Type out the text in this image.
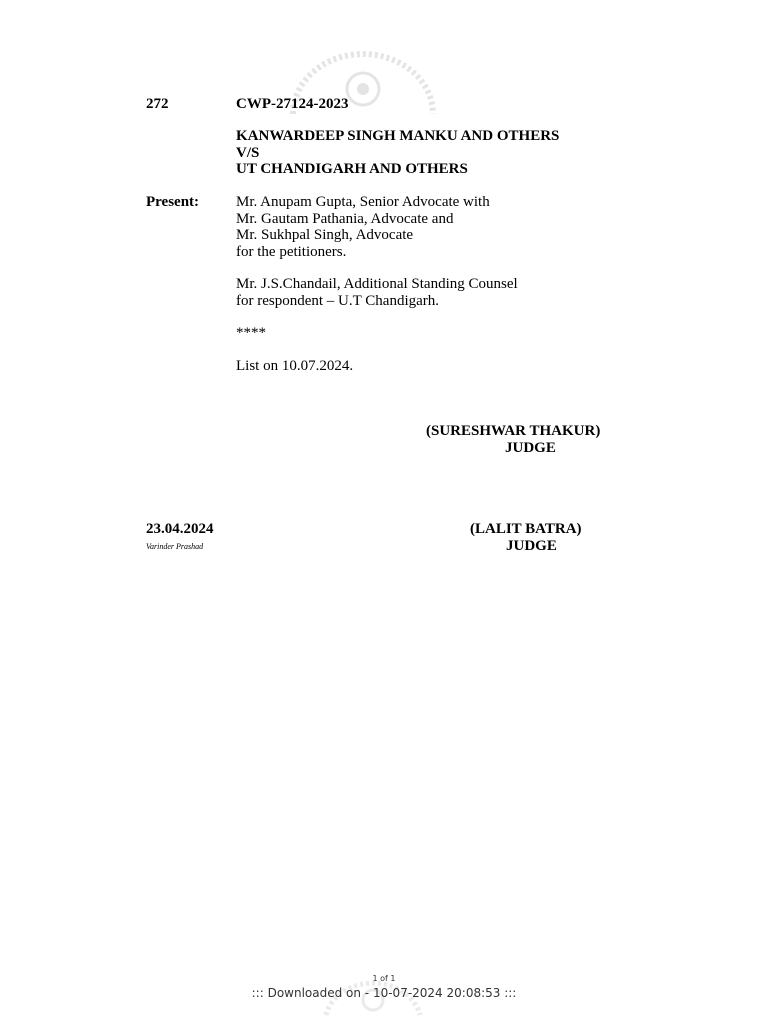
272	CWP-27124-2023
KANWARDEEP SINGH MANKU AND OTHERS
V/S
UT CHANDIGARH AND OTHERS
Present: Mr. Anupam Gupta, Senior Advocate with
Mr. Gautam Pathania, Advocate and
Mr. Sukhpal Singh, Advocate
for the petitioners.
Mr. J.S.Chandail, Additional Standing Counsel
for respondent – U.T Chandigarh.
****
List on 10.07.2024.
(SURESHWAR THAKUR)
JUDGE
23.04.2024
Varinder Prashad
(LALIT BATRA)
JUDGE
1 of 1
::: Downloaded on - 10-07-2024 20:08:53 :::
